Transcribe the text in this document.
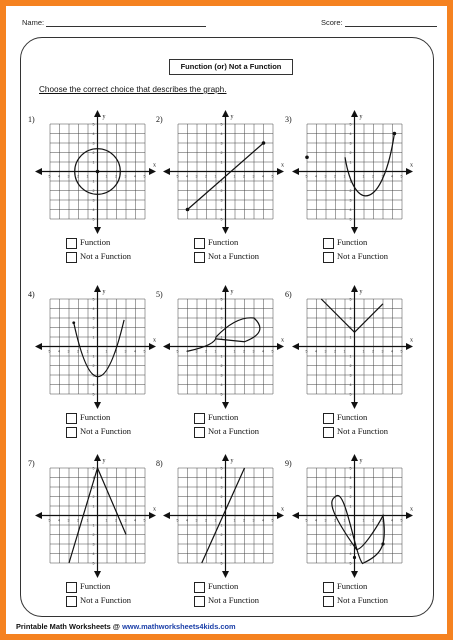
Name:	Score:
Function (or) Not a Function
Choose the correct choice that describes the graph.
1)	y
x
5
5
4
4
3
3
2
2
1
1
1
1
2
2
3
3
4
4
5
5
Function
Not a Function
2)	y
x
5
5
4
4
3
3
2
2
1
1
1
1
2
2
3
3
4
4
5
5
Function
Not a Function
3)	y
x
5
5
4
4
3
3
2
2
1
1
1
1
2
2
3
3
4
4
5
5
Function
Not a Function
4)	y
x
5
5
4
4
3
3
2
2
1
1
1
1
2
2
3
3
4
4
5
5
Function
Not a Function
5)	y
x
5
5
4
4
3
3
2
2
1
1
1
1
2
2
3
3
4
4
5
5
Function
Not a Function
6)	y
x
5
5
4
4
3
3
2
2
1
1
1
1
2
2
3
3
4
4
5
5
Function
Not a Function
7)	y
x
5
5
4
4
3
3
2
2
1
1
1
1
2
2
3
3
4
4
5
5
Function
Not a Function
8)	y
x
5
5
4
4
3
3
2
2
1
1
1
1
2
2
3
3
4
4
5
5
Function
Not a Function
9)	y
x
5
5
4
4
3
3
2
2
1
1
1
1
2
2
3
3
4
4
5
5
Function
Not a Function
Printable Math Worksheets @ www.mathworksheets4kids.com
